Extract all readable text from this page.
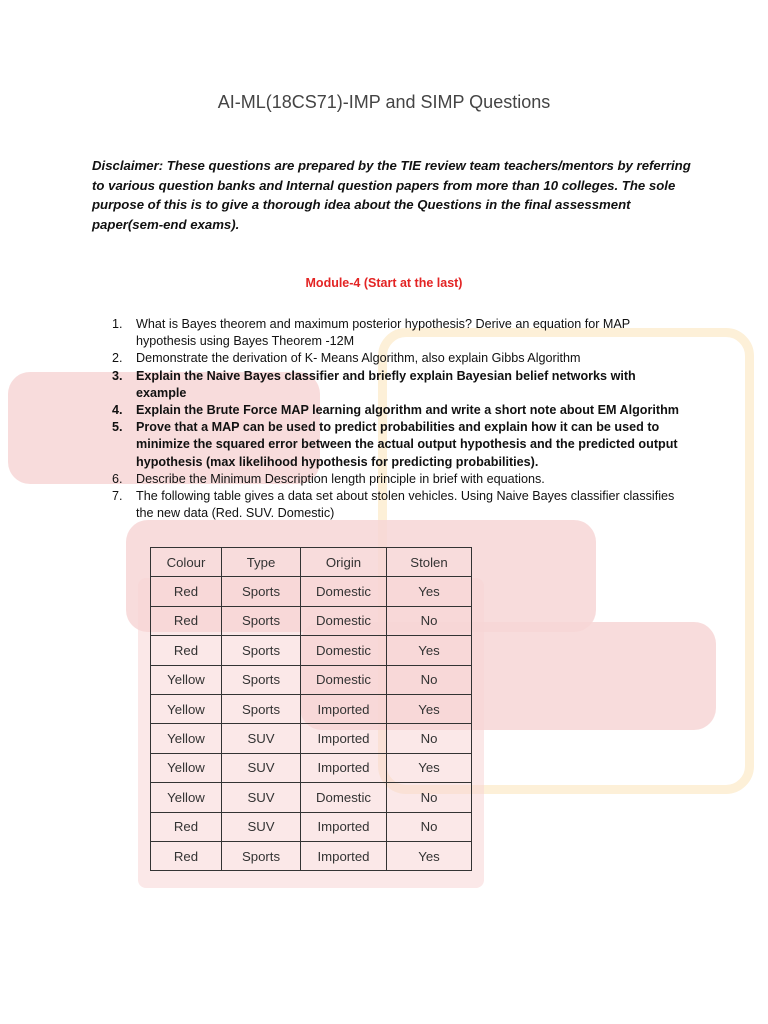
AI-ML(18CS71)-IMP and SIMP Questions

Disclaimer: These questions are prepared by the TIE review team teachers/mentors by referring to various question banks and Internal question papers from more than 10 colleges. The sole purpose of this is to give a thorough idea about the Questions in the final assessment paper(sem-end exams).

Module-4 (Start at the last)
1. What is Bayes theorem and maximum posterior hypothesis? Derive an equation for MAP hypothesis using Bayes Theorem -12M
2. Demonstrate the derivation of K- Means Algorithm, also explain Gibbs Algorithm
3. Explain the Naive Bayes classifier and briefly explain Bayesian belief networks with example
4. Explain the Brute Force MAP learning algorithm and write a short note about EM Algorithm
5. Prove that a MAP can be used to predict probabilities and explain how it can be used to minimize the squared error between the actual output hypothesis and the predicted output hypothesis (max likelihood hypothesis for predicting probabilities).
6. Describe the Minimum Description length principle in brief with equations.
7. The following table gives a data set about stolen vehicles. Using Naive Bayes classifier classifies the new data (Red. SUV. Domestic)
Colour	Type	Origin	Stolen
Red	Sports	Domestic	Yes
Red	Sports	Domestic	No
Red	Sports	Domestic	Yes
Yellow	Sports	Domestic	No
Yellow	Sports	Imported	Yes
Yellow	SUV	Imported	No
Yellow	SUV	Imported	Yes
Yellow	SUV	Domestic	No
Red	SUV	Imported	No
Red	Sports	Imported	Yes
